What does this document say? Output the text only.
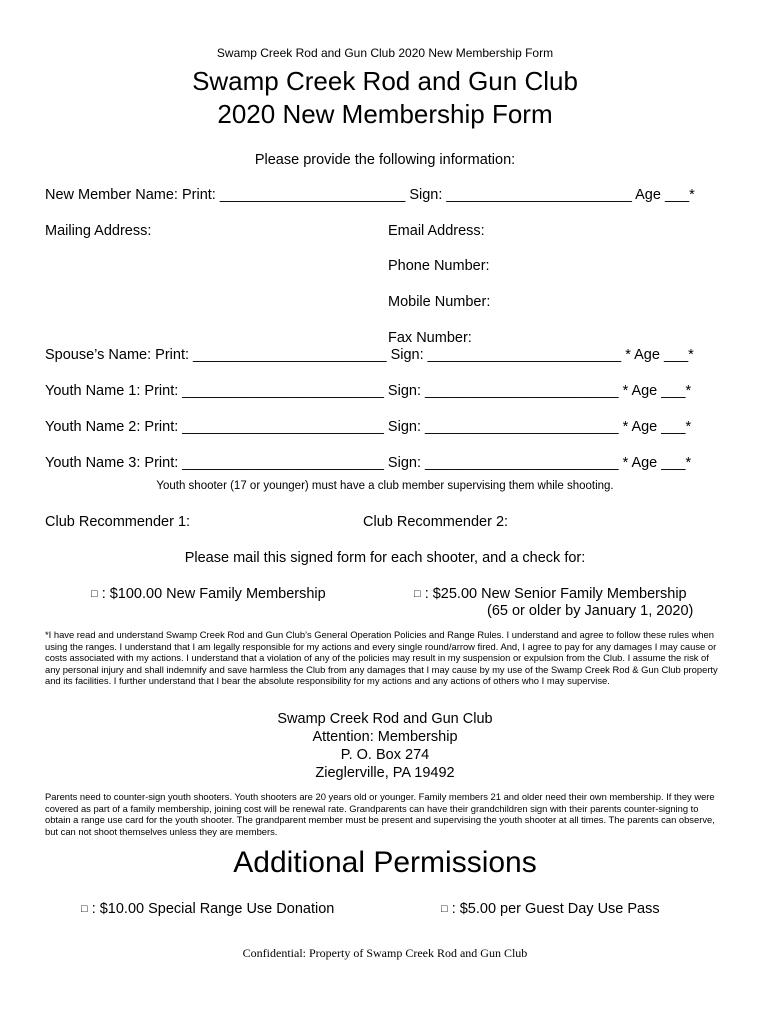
Swamp Creek Rod and Gun Club 2020 New Membership Form
Swamp Creek Rod and Gun Club
2020 New Membership Form
Please provide the following information:
New Member Name: Print: _______________________ Sign: _______________________ Age ___*
Mailing Address:	Email Address:
Phone Number:
Mobile Number:
Fax Number:
Spouse’s Name: Print: ________________________ Sign: ________________________ * Age ___*
Youth Name 1: Print: _________________________ Sign: ________________________ * Age ___*
Youth Name 2: Print: _________________________ Sign: ________________________ * Age ___*
Youth Name 3: Print: _________________________ Sign: ________________________ * Age ___*
Youth shooter (17 or younger) must have a club member supervising them while shooting.
Club Recommender 1:	Club Recommender 2:
Please mail this signed form for each shooter, and a check for:
□ : $100.00 New Family Membership	□ : $25.00 New Senior Family Membership
(65 or older by January 1, 2020)
*I have read and understand Swamp Creek Rod and Gun Club’s General Operation Policies and Range Rules. I understand and agree to follow these rules when using the ranges. I understand that I am legally responsible for my actions and every single round/arrow fired. And, I agree to pay for any damages I may cause or costs associated with my actions. I understand that a violation of any of the policies may result in my suspension or expulsion from the Club. I assume the risk of any personal injury and shall indemnify and save harmless the Club from any damages that I may cause by my use of the Swamp Creek Rod & Gun Club property and its facilities. I further understand that I bear the absolute responsibility for my actions and any actions of others who I may supervise.
Swamp Creek Rod and Gun Club
Attention: Membership
P. O. Box 274
Zieglerville, PA 19492
Parents need to counter-sign youth shooters. Youth shooters are 20 years old or younger. Family members 21 and older need their own membership. If they were covered as part of a family membership, joining cost will be renewal rate. Grandparents can have their grandchildren sign with their parents counter-signing to obtain a range use card for the youth shooter. The grandparent member must be present and supervising the youth shooter at all times. The parents can observe, but can not shoot themselves unless they are members.
Additional Permissions
□ : $10.00 Special Range Use Donation	□ : $5.00 per Guest Day Use Pass
Confidential: Property of Swamp Creek Rod and Gun Club
